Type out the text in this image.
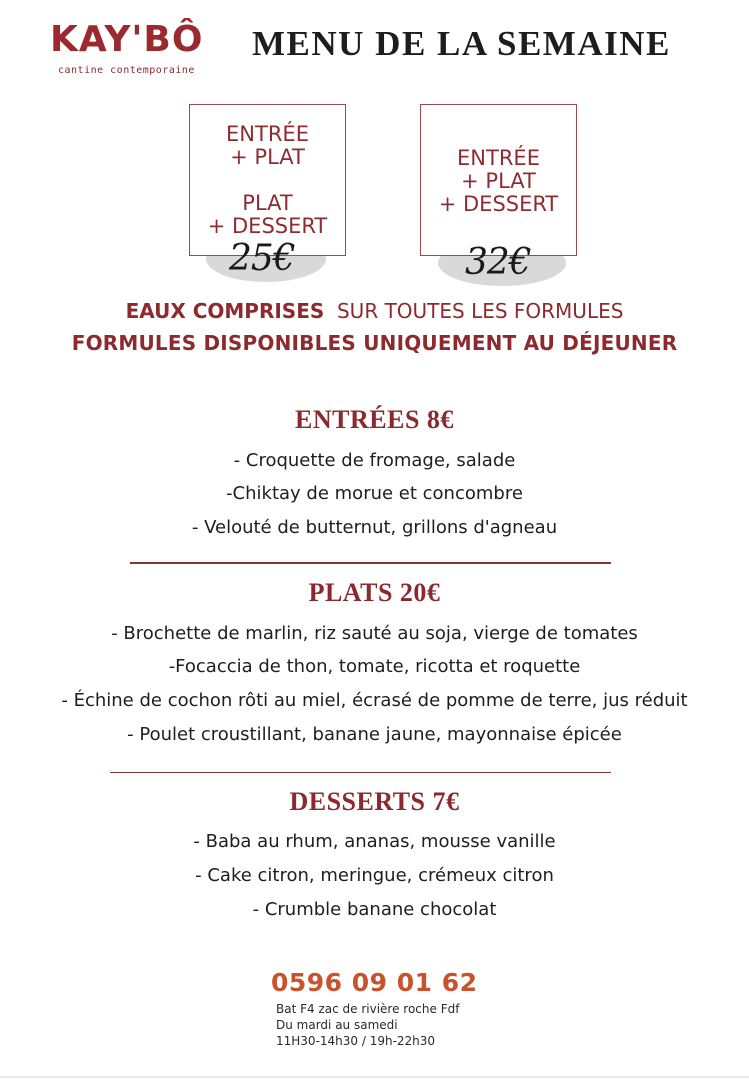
KAY'BÔ
cantine contemporaine
MENU DE LA SEMAINE
ENTRÉE
+ PLAT
PLAT
+ DESSERT
ENTRÉE
+ PLAT
+ DESSERT
25€	32€
EAUX COMPRISES SUR TOUTES LES FORMULES
FORMULES DISPONIBLES UNIQUEMENT AU DÉJEUNER
ENTRÉES 8€
- Croquette de fromage, salade
-Chiktay de morue et concombre
- Velouté de butternut, grillons d'agneau
PLATS 20€
- Brochette de marlin, riz sauté au soja, vierge de tomates
-Focaccia de thon, tomate, ricotta et roquette
- Échine de cochon rôti au miel, écrasé de pomme de terre, jus réduit
- Poulet croustillant, banane jaune, mayonnaise épicée
DESSERTS 7€
- Baba au rhum, ananas, mousse vanille
- Cake citron, meringue, crémeux citron
- Crumble banane chocolat
0596 09 01 62
Bat F4 zac de rivière roche Fdf
Du mardi au samedi
11H30-14h30 / 19h-22h30
